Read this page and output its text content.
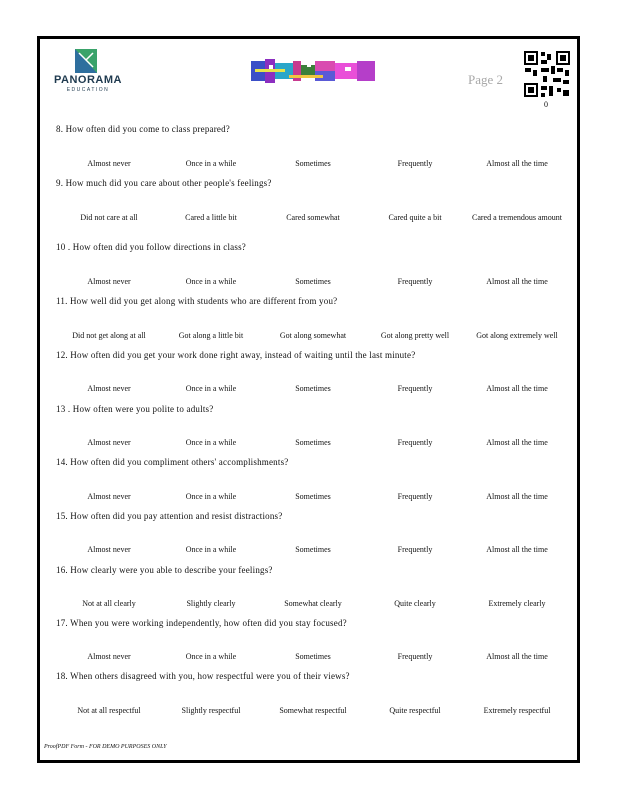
PANORAMA
EDUCATION
Page 2
0
8. How often did you come to class prepared?
Almost never	Once in a while	Sometimes	Frequently	Almost all the time
9. How much did you care about other people's feelings?
Did not care at all	Cared a little bit	Cared somewhat	Cared quite a bit	Cared a tremendous amount
10 . How often did you follow directions in class?
Almost never	Once in a while	Sometimes	Frequently	Almost all the time
11. How well did you get along with students who are different from you?
Did not get along at all	Got along a little bit	Got along somewhat	Got along pretty well	Got along extremely well
12. How often did you get your work done right away, instead of waiting until the last minute?
Almost never	Once in a while	Sometimes	Frequently	Almost all the time
13 . How often were you polite to adults?
Almost never	Once in a while	Sometimes	Frequently	Almost all the time
14. How often did you compliment others' accomplishments?
Almost never	Once in a while	Sometimes	Frequently	Almost all the time
15. How often did you pay attention and resist distractions?
Almost never	Once in a while	Sometimes	Frequently	Almost all the time
16. How clearly were you able to describe your feelings?
Not at all clearly	Slightly clearly	Somewhat clearly	Quite clearly	Extremely clearly
17. When you were working independently, how often did you stay focused?
Almost never	Once in a while	Sometimes	Frequently	Almost all the time
18. When others disagreed with you, how respectful were you of their views?
Not at all respectful	Slightly respectful	Somewhat respectful	Quite respectful	Extremely respectful
ProofPDF Form - FOR DEMO PURPOSES ONLY
